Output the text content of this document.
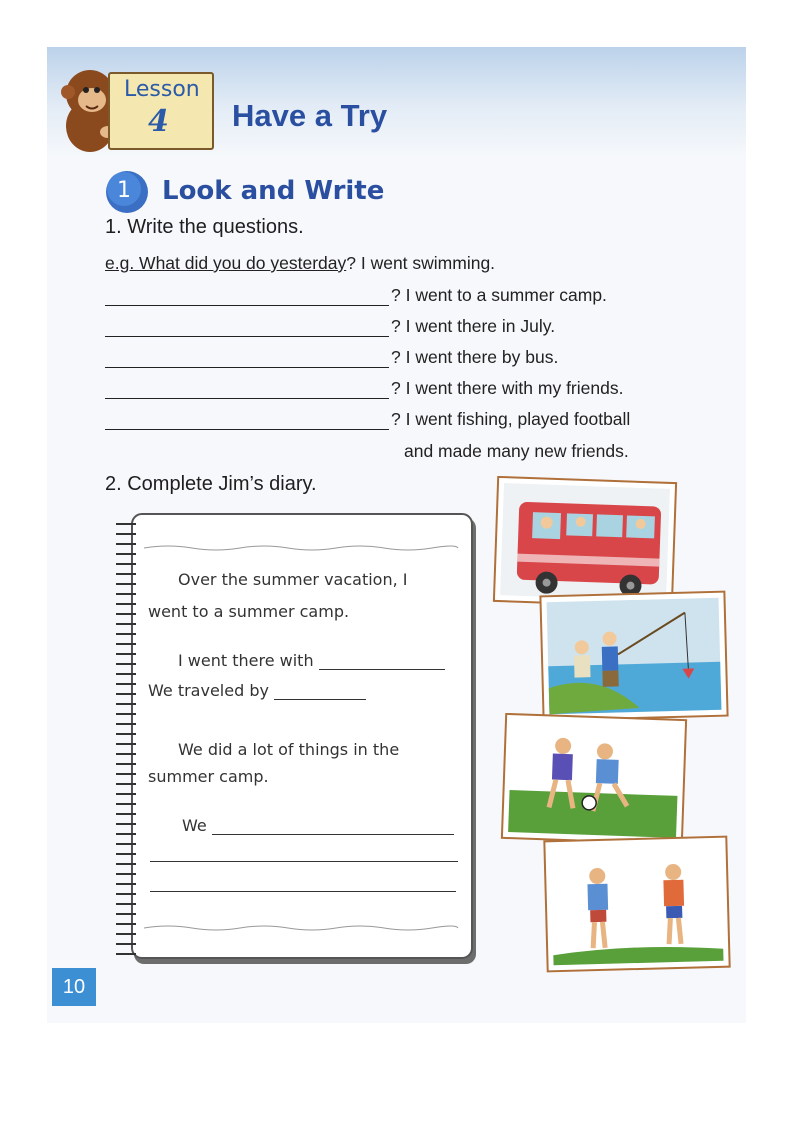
Lesson
4 Have a Try
1 Look and Write
1. Write the questions.
e.g. What did you do yesterday? I went swimming.
? I went to a summer camp.
? I went there in July.
? I went there by bus.
? I went there with my friends.
? I went fishing, played football
and made many new friends.
2. Complete Jim’s diary.
Over the summer vacation, I
went to a summer camp.
I went there with
We traveled by
We did a lot of things in the
summer camp.
We
10
